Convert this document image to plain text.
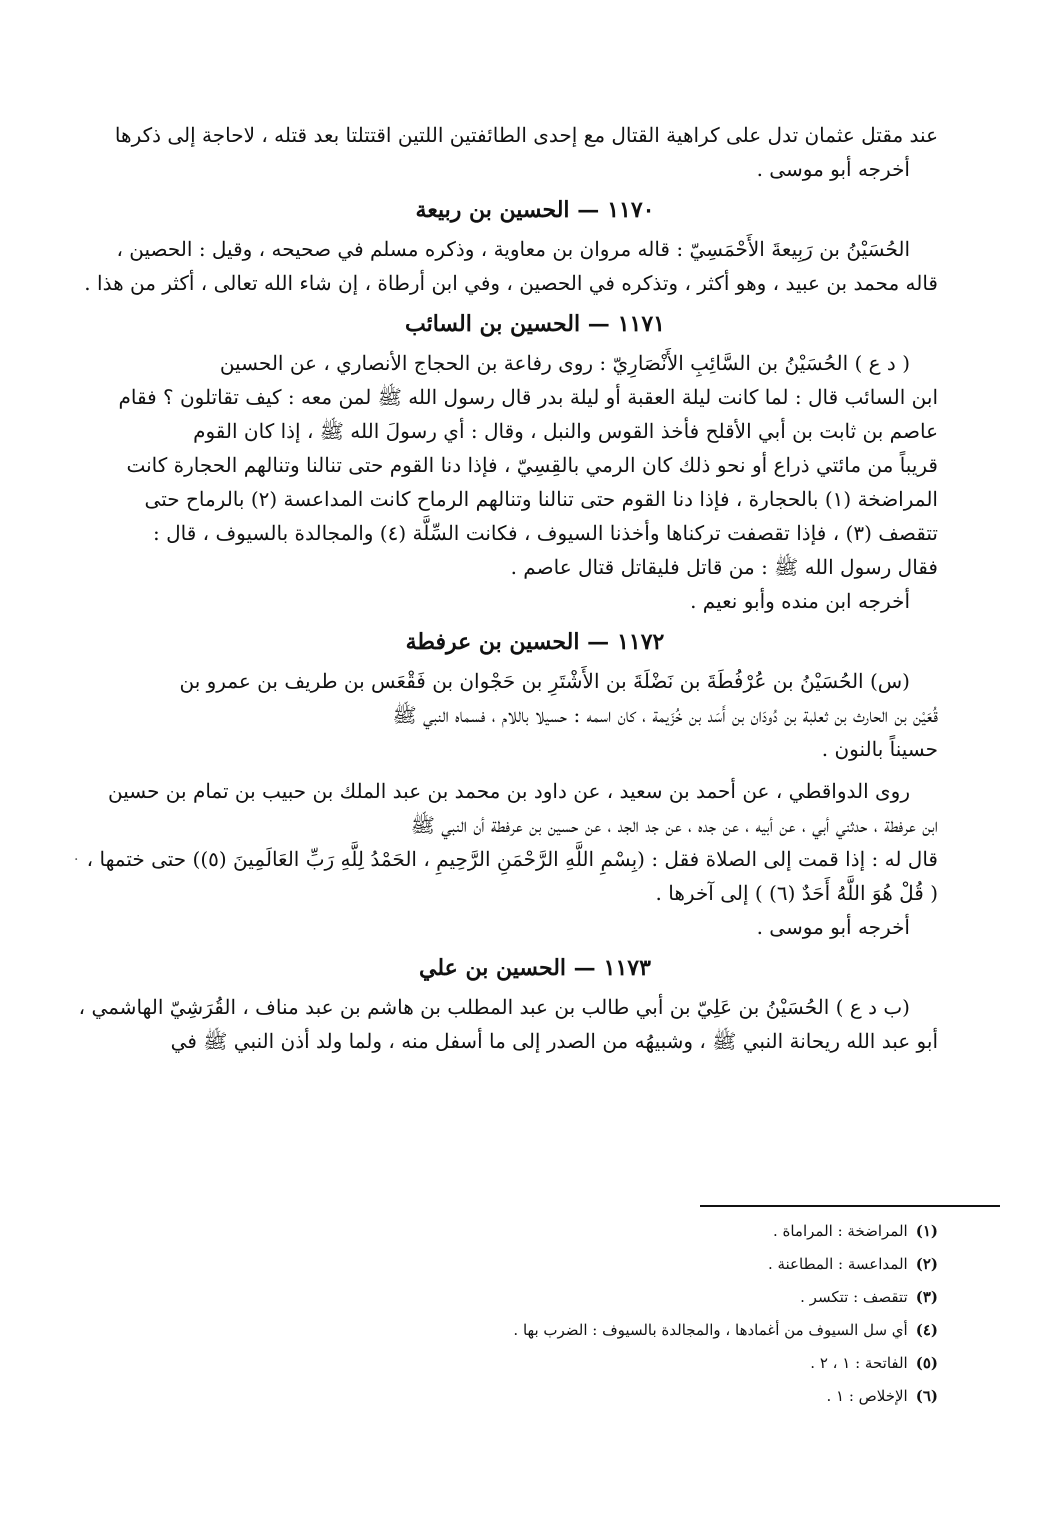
عند مقتل عثمان تدل على كراهية القتال مع إحدى الطائفتين اللتين اقتتلتا بعد قتله ، لاحاجة إلى ذكرها
أخرجه أبو موسى .
١١٧٠— الحسين بن ربيعة
الحُسَيْنُ بن رَبِيعةَ الأَحْمَسِيّ : قاله مروان بن معاوية ، وذكره مسلم في صحيحه ، وقيل : الحصين ،
قاله محمد بن عبيد ، وهو أكثر ، وتذكره في الحصين ، وفي ابن أرطاة ، إن شاء الله تعالى ، أكثر من هذا .
١١٧١— الحسين بن السائب
( د ع ) الحُسَيْنُ بن السَّائِبِ الأَنْصَارِيّ : روى رفاعة بن الحجاج الأنصاري ، عن الحسين
ابن السائب قال : لما كانت ليلة العقبة أو ليلة بدر قال رسول الله ﷺ لمن معه : كيف تقاتلون ؟ فقام
عاصم بن ثابت بن أبي الأقلح فأخذ القوس والنبل ، وقال : أي رسولَ الله ﷺ ، إذا كان القوم
قريباً من مائتي ذراع أو نحو ذلك كان الرمي بالقِسِيّ ، فإذا دنا القوم حتى تنالنا وتنالهم الحجارة كانت
المراضخة (١) بالحجارة ، فإذا دنا القوم حتى تنالنا وتنالهم الرماح كانت المداعسة (٢) بالرماح حتى
تتقصف (٣) ، فإذا تقصفت تركناها وأخذنا السيوف ، فكانت السِّلَّة (٤) والمجالدة بالسيوف ، قال :
فقال رسول الله ﷺ : من قاتل فليقاتل قتال عاصم .
أخرجه ابن منده وأبو نعيم .
١١٧٢— الحسين بن عرفطة
(س) الحُسَيْنُ بن عُرْفُطَةَ بن نَضْلَةَ بن الأَشْتَرِ بن حَجْوان بن فَقْعَس بن طريف بن عمرو بن
قُعَيْن بن الحارث بن ثعلبة بن دُودَان بن أَسَد بن خُزَيمة ، كان اسمه : حسيلا باللام ، فسماه النبي ﷺ
حسيناً بالنون .
روى الدواقطي ، عن أحمد بن سعيد ، عن داود بن محمد بن عبد الملك بن حبيب بن تمام بن حسين
ابن عرفطة ، حدثني أبي ، عن أبيه ، عن جده ، عن جد الجد ، عن حسين بن عرفطة أن النبي ﷺ
قال له : إذا قمت إلى الصلاة فقل : (بِسْمِ اللَّهِ الرَّحْمَنِ الرَّحِيمِ ، الحَمْدُ لِلَّهِ رَبِّ العَالَمِينَ (٥)) حتى ختمها ،
( قُلْ هُوَ اللَّهُ أَحَدٌ (٦) ) إلى آخرها .
أخرجه أبو موسى .
١١٧٣— الحسين بن علي
(ب د ع ) الحُسَيْنُ بن عَلِيّ بن أبي طالب بن عبد المطلب بن هاشم بن عبد مناف ، القُرَشِيّ الهاشمي ،
أبو عبد الله ريحانة النبي ﷺ ، وشبيهُه من الصدر إلى ما أسفل منه ، ولما ولد أذن النبي ﷺ في
·
(١)المراضخة : المراماة .
(٢)المداعسة : المطاعنة .
(٣)تتقصف : تتكسر .
(٤)أي سل السيوف من أغمادها ، والمجالدة بالسيوف : الضرب بها .
(٥)الفاتحة : ١ ، ٢ .
(٦)الإخلاص : ١ .
